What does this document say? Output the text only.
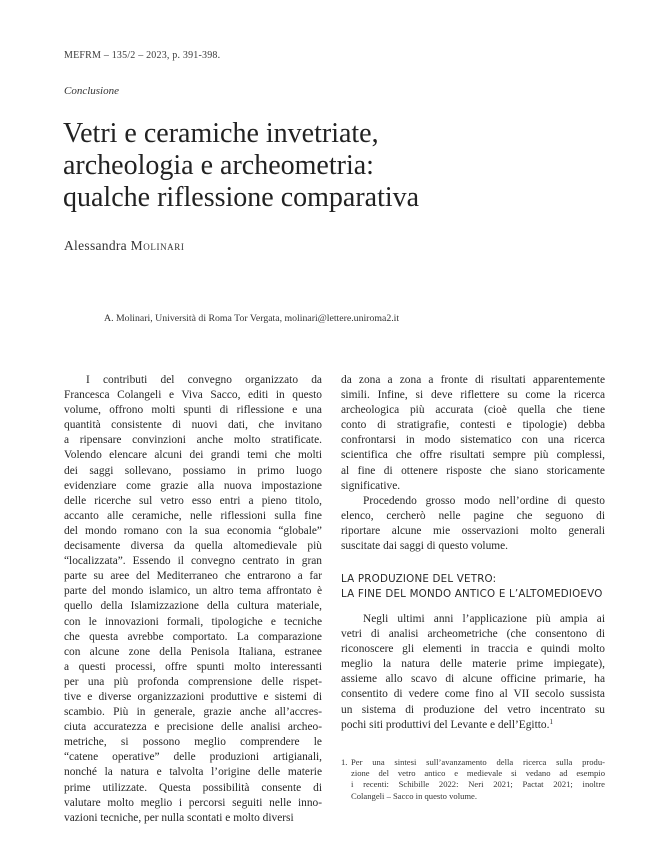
MEFRM – 135/2 – 2023, p. 391-398.
Conclusione
Vetri e ceramiche invetriate,
archeologia e archeometria:
qualche riflessione comparativa
Alessandra Molinari
A. Molinari, Università di Roma Tor Vergata, molinari@lettere.uniroma2.it
I contributi del convegno organizzato da
Francesca Colangeli e Viva Sacco, editi in questo
volume, offrono molti spunti di riflessione e una
quantità consistente di nuovi dati, che invitano
a ripensare convinzioni anche molto stratificate.
Volendo elencare alcuni dei grandi temi che molti
dei saggi sollevano, possiamo in primo luogo
evidenziare come grazie alla nuova impostazione
delle ricerche sul vetro esso entri a pieno titolo,
accanto alle ceramiche, nelle riflessioni sulla fine
del mondo romano con la sua economia “globale”
decisamente diversa da quella altomedievale più
“localizzata”. Essendo il convegno centrato in gran
parte su aree del Mediterraneo che entrarono a far
parte del mondo islamico, un altro tema affrontato è
quello della Islamizzazione della cultura materiale,
con le innovazioni formali, tipologiche e tecniche
che questa avrebbe comportato. La comparazione
con alcune zone della Penisola Italiana, estranee
a questi processi, offre spunti molto interessanti
per una più profonda comprensione delle rispet-
tive e diverse organizzazioni produttive e sistemi di
scambio. Più in generale, grazie anche all’accres-
ciuta accuratezza e precisione delle analisi archeo-
metriche, si possono meglio comprendere le
“catene operative” delle produzioni artigianali,
nonché la natura e talvolta l’origine delle materie
prime utilizzate. Questa possibilità consente di
valutare molto meglio i percorsi seguiti nelle inno-
vazioni tecniche, per nulla scontati e molto diversi
da zona a zona a fronte di risultati apparentemente
simili. Infine, si deve riflettere su come la ricerca
archeologica più accurata (cioè quella che tiene
conto di stratigrafie, contesti e tipologie) debba
confrontarsi in modo sistematico con una ricerca
scientifica che offre risultati sempre più complessi,
al fine di ottenere risposte che siano storicamente
significative.
Procedendo grosso modo nell’ordine di questo
elenco, cercherò nelle pagine che seguono di
riportare alcune mie osservazioni molto generali
suscitate dai saggi di questo volume.
LA PRODUZIONE DEL VETRO:
LA FINE DEL MONDO ANTICO E L’ALTOMEDIOEVO
Negli ultimi anni l’applicazione più ampia ai
vetri di analisi archeometriche (che consentono di
riconoscere gli elementi in traccia e quindi molto
meglio la natura delle materie prime impiegate),
assieme allo scavo di alcune officine primarie, ha
consentito di vedere come fino al VII secolo sussista
un sistema di produzione del vetro incentrato su
pochi siti produttivi del Levante e dell’Egitto.$^1$
1. Per una sintesi sull’avanzamento della ricerca sulla produ-
zione del vetro antico e medievale si vedano ad esempio
i recenti: Schibille 2022: Neri 2021; Pactat 2021; inoltre
Colangeli – Sacco in questo volume.
